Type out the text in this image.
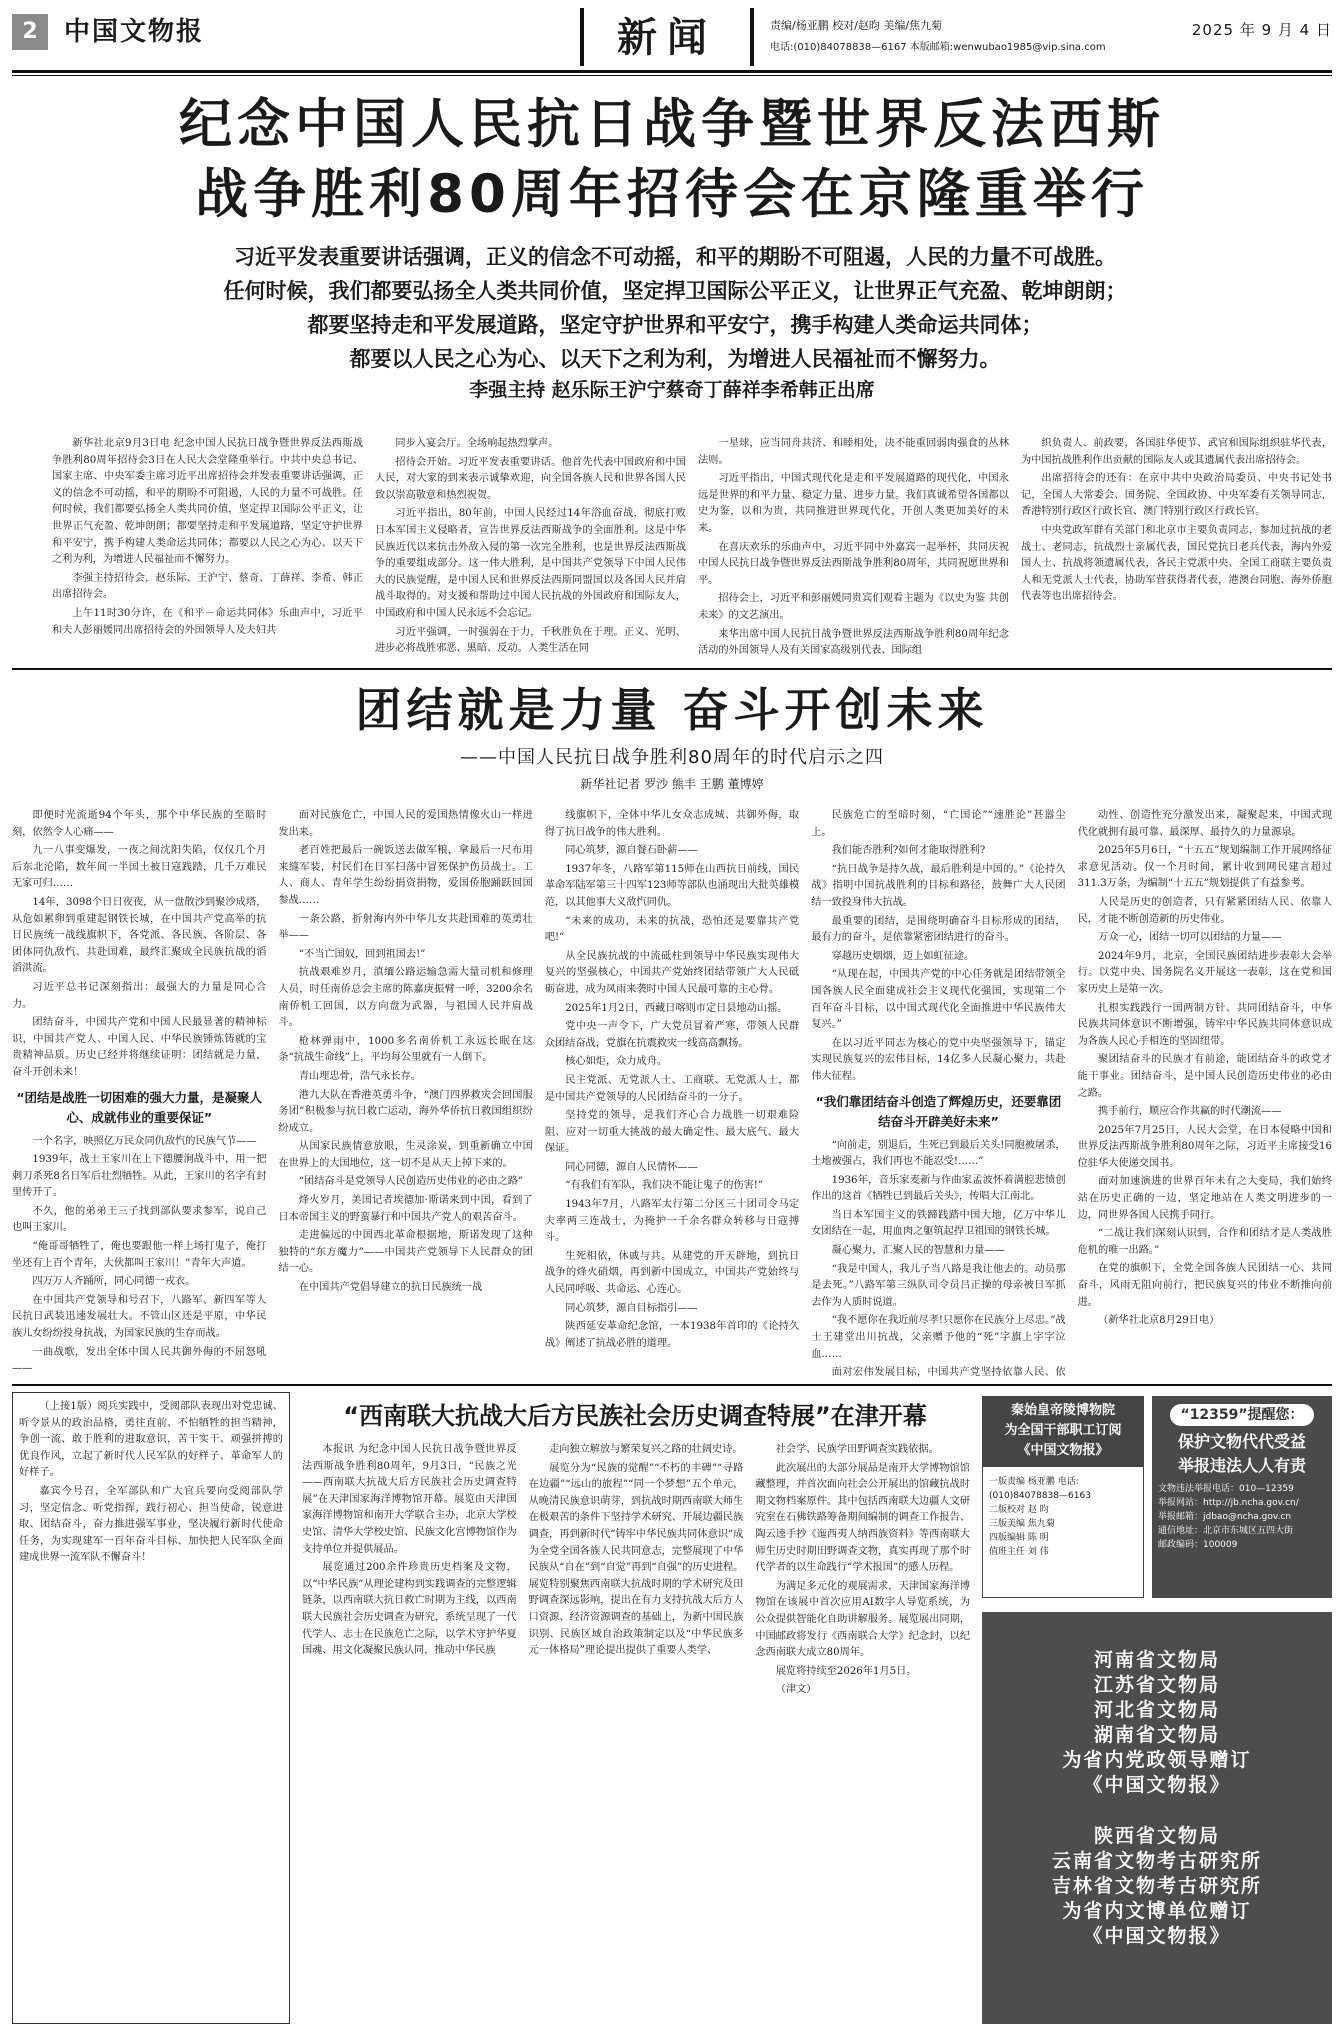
2	中国文物报	新闻	责编/杨亚鹏 校对/赵昀 美编/焦九菊
电话:(010)84078838—6167 本版邮箱:wenwubao1985@vip.sina.com
2025 年 9 月 4 日
纪念中国人民抗日战争暨世界反法西斯
战争胜利80周年招待会在京隆重举行
习近平发表重要讲话强调，正义的信念不可动摇，和平的期盼不可阻遏，人民的力量不可战胜。
任何时候，我们都要弘扬全人类共同价值，坚定捍卫国际公平正义，让世界正气充盈、乾坤朗朗；
都要坚持走和平发展道路，坚定守护世界和平安宁，携手构建人类命运共同体；
都要以人民之心为心、以天下之利为利，为增进人民福祉而不懈努力。
李强主持 赵乐际王沪宁蔡奇丁薛祥李希韩正出席

新华社北京9月3日电 纪念中国人民抗日战争暨世界反法西斯战争胜利80周年招待会3日在人民大会堂隆重举行。中共中央总书记、国家主席、中央军委主席习近平出席招待会并发表重要讲话强调，正义的信念不可动摇，和平的期盼不可阻遏，人民的力量不可战胜。任何时候，我们都要弘扬全人类共同价值，坚定捍卫国际公平正义，让世界正气充盈、乾坤朗朗；都要坚持走和平发展道路，坚定守护世界和平安宁，携手构建人类命运共同体；都要以人民之心为心、以天下之利为利，为增进人民福祉而不懈努力。

李强主持招待会，赵乐际、王沪宁、蔡奇、丁薛祥、李希、韩正出席招待会。

上午11时30分许，在《和平－命运共同体》乐曲声中，习近平和夫人彭丽媛同出席招待会的外国领导人及夫妇共

同步入宴会厅。全场响起热烈掌声。

招待会开始。习近平发表重要讲话。他首先代表中国政府和中国人民，对大家的到来表示诚挚欢迎，向全国各族人民和世界各国人民致以崇高敬意和热烈祝贺。

习近平指出，80年前，中国人民经过14年浴血奋战，彻底打败日本军国主义侵略者，宣告世界反法西斯战争的全面胜利。这是中华民族近代以来抗击外敌入侵的第一次完全胜利，也是世界反法西斯战争的重要组成部分。这一伟大胜利，是中国共产党领导下中国人民伟大的民族觉醒，是中国人民和世界反法西斯同盟国以及各国人民并肩战斗取得的。对支援和帮助过中国人民抗战的外国政府和国际友人，中国政府和中国人民永远不会忘记。

习近平强调，一时强弱在于力，千秋胜负在于理。正义、光明、进步必将战胜邪恶、黑暗、反动。人类生活在同

一星球，应当同舟共济、和睦相处，决不能重回弱肉强食的丛林法则。

习近平指出，中国式现代化是走和平发展道路的现代化，中国永远是世界的和平力量、稳定力量、进步力量。我们真诚希望各国都以史为鉴，以和为贵，共同推进世界现代化，开创人类更加美好的未来。

在喜庆欢乐的乐曲声中，习近平同中外嘉宾一起举杯，共同庆祝中国人民抗日战争暨世界反法西斯战争胜利80周年，共同祝愿世界和平。

招待会上，习近平和彭丽媛同贵宾们观看主题为《以史为鉴 共创未来》的文艺演出。

来华出席中国人民抗日战争暨世界反法西斯战争胜利80周年纪念活动的外国领导人及有关国家高级别代表、国际组

织负责人、前政要，各国驻华使节、武官和国际组织驻华代表，为中国抗战胜利作出贡献的国际友人或其遗属代表出席招待会。

出席招待会的还有：在京中共中央政治局委员、中央书记处书记，全国人大常委会、国务院、全国政协、中央军委有关领导同志，香港特别行政区行政长官、澳门特别行政区行政长官。

中央党政军群有关部门和北京市主要负责同志，参加过抗战的老战士、老同志，抗战烈士亲属代表，国民党抗日老兵代表，海内外爱国人士、抗战将领遗属代表，各民主党派中央、全国工商联主要负责人和无党派人士代表，协助军营获得者代表，港澳台同胞、海外侨胞代表等也出席招待会。

团结就是力量 奋斗开创未来
——中国人民抗日战争胜利80周年的时代启示之四
新华社记者 罗沙 熊丰 王鹏 董博婷

即便时光流逝94个年头，那个中华民族的至暗时刻，依然令人心痛——

九一八事变爆发，一夜之间沈阳失陷，仅仅几个月后东北沦陷，数年间一半国土被日寇践踏，几千万难民无家可归……

14年，3098个日日夜夜，从一盘散沙到聚沙成塔，从危如累卵到重建起钢铁长城，在中国共产党高举的抗日民族统一战线旗帜下，各党派、各民族、各阶层、各团体同仇敌忾、共赴国难，最终汇聚成全民族抗战的滔滔洪流。

习近平总书记深刻指出：最强大的力量是同心合力。

团结奋斗，中国共产党和中国人民最显著的精神标识，中国共产党人、中国人民、中华民族锤炼铸就的宝贵精神品质。历史已经并将继续证明：团结就是力量，奋斗开创未来！

“团结是战胜一切困难的强大力量，是凝聚人心、成就伟业的重要保证”

一个名字，映照亿万民众同仇敌忾的民族气节——

1939年，战士王家川在上下德腰涧战斗中，用一把刺刀杀死8名日军后壮烈牺牲。从此，王家川的名字有封里传开了。

不久，他的弟弟王三子找到部队要求参军，说自己也叫王家川。

“俺哥哥牺牲了，俺也要跟他一样上场打鬼子，俺打坐还有上百个青年，大伙都叫王家川！”青年大声道。

四万万人齐踊所，同心同德一戎衣。

在中国共产党领导和号召下，八路军、新四军等人民抗日武装迅速发展壮大。不管山区还是平原，中华民族儿女纷纷投身抗战，为国家民族的生存而战。

一曲战歌，发出全体中国人民共御外侮的不屈怒吼——

面对民族危亡，中国人民的爱国热情像火山一样迸发出来。

老百姓把最后一碗饭送去做军粮，拿最后一尺布用来缝军装，村民们在日军扫荡中冒死保护伤员战士。工人、商人、青年学生纷纷捐资捐物，爱国侨胞踊跃回国参战……

一条公路，折射海内外中华儿女共赴国难的英勇壮举——

“不当亡国奴，回到祖国去!”

抗战艰难岁月，滇缅公路运输急需大量司机和修理人员，时任南侨总会主席的陈嘉庚振臂一呼，3200余名南侨机工回国，以方向盘为武器，与祖国人民并肩战斗。

枪林弹雨中，1000多名南侨机工永远长眠在这条“抗战生命线”上，平均每公里就有一人倒下。

青山埋忠骨，浩气永长存。

港九大队在香港英勇斗争，“澳门四界救灾会回国服务团”积极参与抗日救亡运动，海外华侨抗日救国组织纷纷成立。

从国家民族情意放眼，生灵涂炭，到重新确立中国在世界上的大国地位，这一切不是从天上掉下来的。

“团结奋斗是党领导人民创造历史伟业的必由之路”

烽火岁月，美国记者埃德加·斯诺来到中国，看到了日本帝国主义的野蛮暴行和中国共产党人的艰苦奋斗。

走进偏远的中国西北革命根据地，斯诺发现了这种独特的“东方魔力”——中国共产党领导下人民群众的团结一心。

在中国共产党倡导建立的抗日民族统一战

线旗帜下，全体中华儿女众志成城、共御外侮，取得了抗日战争的伟大胜利。

同心筑梦，源自餐石卧薪——

1937年冬，八路军第115师在山西抗日前线，国民革命军陆军第三十四军123师等部队也涌现出大批英雄模范，以其他事大义敌忾同仇。

“未来的成功，未来的抗战，恐怕还是要靠共产党吧!”

从全民族抗战的中流砥柱到领导中华民族实现伟大复兴的坚强核心，中国共产党始终团结带领广大人民砥砺奋进，成为凤雨来袭时中国人民最可靠的主心骨。

2025年1月2日，西藏日喀则市定日县地动山摇。

党中央一声令下，广大党员冒着严寒，带领人民群众团结奋战，党旗在抗震救灾一线高高飘扬。

核心如炬，众力成舟。

民主党派、无党派人士、工商联、无党派人士，都是中国共产党领导的人民团结奋斗的一分子。

坚持党的领导，是我们齐心合力战胜一切艰难险阻、应对一切重大挑战的最大确定性、最大底气、最大保证。

同心同德，源自人民情怀——

“有我们有军队，我们决不能让鬼子的伤害!”

1943年7月，八路军太行第二分区三十团司令马定夫率两三连战士，为掩护一千余名群众转移与日寇搏斗。

生死相依，休戚与共。从建党的开天辟地，到抗日战争的烽火硝烟，再到新中国成立，中国共产党始终与人民同呼吸、共命运、心连心。

同心筑梦，源自目标指引——

陕西延安革命纪念馆，一本1938年首印的《论持久战》阐述了抗战必胜的道理。

民族危亡的至暗时刻，“亡国论”“速胜论”甚嚣尘上。

我们能否胜利?如何才能取得胜利?

“抗日战争是持久战，最后胜利是中国的。”《论持久战》指明中国抗战胜利的目标和路径，鼓舞广大人民团结一致投身伟大抗战。

最重要的团结，是围绕明确奋斗目标形成的团结，最有力的奋斗，是依靠紧密团结进行的奋斗。

穿越历史烟烟，迈上如虹征途。

“从现在起，中国共产党的中心任务就是团结带领全国各族人民全面建成社会主义现代化强国，实现第二个百年奋斗目标，以中国式现代化全面推进中华民族伟大复兴。”

在以习近平同志为核心的党中央坚强领导下，锚定实现民族复兴的宏伟目标，14亿多人民凝心聚力，共赴伟大征程。

“我们靠团结奋斗创造了辉煌历史，还要靠团结奋斗开辟美好未来”

“向前走，别退后，生死已到最后关头!同胞被屠杀，土地被强占，我们再也不能忍受!……”

1936年，音乐家麦新与作曲家孟波怀着满腔悲愤创作出的这首《牺牲已到最后关头》，传唱大江南北。

当日本军国主义的铁蹄践踏中国大地，亿万中华儿女团结在一起，用血肉之躯筑起捍卫祖国的钢铁长城。

凝心聚力，汇聚人民的智慧和力量——

“我是中国人，我儿子当八路是我让他去的。动员那是去死。”八路军第三纵队司令员吕正操的母亲被日军抓去作为人质时说道。

“我不愿你在我近前尽孝!只愿你在民族分上尽忠。”战士王建堂出川抗战，父亲赠予他的“死”字旗上字字泣血……

面对宏伟发展目标，中国共产党坚持依靠人民、依

动性、创造性充分激发出来，凝聚起来，中国式现代化就拥有最可靠、最深厚、最持久的力量源泉。

2025年5月6日，“十五五”规划编制工作开展网络征求意见活动。仅一个月时间，累计收到网民建言超过311.3万条，为编制“十五五”规划提供了有益参考。

人民是历史的创造者，只有紧紧团结人民、依靠人民，才能不断创造新的历史伟业。

万众一心，团结一切可以团结的力量——

2024年9月，北京，全国民族团结进步表彰大会举行。以党中央、国务院名义开展这一表彰，这在党和国家历史上是第一次。

扎根实践践行一国两制方针、共同团结奋斗，中华民族共同体意识不断增强，铸牢中华民族共同体意识成为各族人民心手相连的坚固纽带。

聚团结奋斗的民族才有前途，能团结奋斗的政党才能干事业。团结奋斗，是中国人民创造历史伟业的必由之路。

携手前行，顺应合作共赢的时代潮流——

2025年7月25日，人民大会堂，在日本侵略中国和世界反法西斯战争胜利80周年之际，习近平主席接受16位驻华大使递交国书。

面对加速演进的世界百年未有之大变局，我们始终站在历史正确的一边，坚定地站在人类文明进步的一边，同世界各国人民携手同行。

“二战让我们深刻认识到，合作和团结才是人类战胜危机的唯一出路。”

在党的旗帜下，全党全国各族人民团结一心、共同奋斗，风雨无阻向前行，把民族复兴的伟业不断推向前进。

（新华社北京8月29日电）

（上接1版）阅兵实践中，受阅部队表现出对党忠诚、听令景从的政治品格，勇往直前、不怕牺牲的担当精神，争创一流、敢于胜利的进取意识，苦干实干、顽强拼搏的优良作风，立起了新时代人民军队的好样子、革命军人的好样子。

嘉宾今号召，全军部队和广大官兵要向受阅部队学习，坚定信念、听党指挥，践行初心、担当使命，锐意进取、团结奋斗，奋力推进强军事业，坚决履行新时代使命任务，为实现建军一百年奋斗目标、加快把人民军队全面建成世界一流军队不懈奋斗！

“西南联大抗战大后方民族社会历史调查特展”在津开幕

本报讯 为纪念中国人民抗日战争暨世界反法西斯战争胜利80周年，9月3日，“民族之光——西南联大抗战大后方民族社会历史调查特展”在天津国家海洋博物馆开幕。展览由天津国家海洋博物馆和南开大学联合主办，北京大学校史馆、清华大学校史馆、民族文化宫博物馆作为支持单位并提供展品。

展览通过200余件珍贵历史档案及文物，以“中华民族”从理论建构到实践调查的完整逻辑链条，以西南联大抗日救亡时期为主线，以西南联大民族社会历史调查为研究，系统呈现了一代代学人、志士在民族危亡之际，以学术守护华夏国魂、用文化凝聚民族认同，推动中华民族

走向独立解放与繁荣复兴之路的壮阔史诗。

展览分为“民族的觉醒”“不朽的丰碑”“寻路在边疆”“远山的旅程”“同一个梦想”五个单元，从晚清民族意识萌芽，到抗战时期西南联大师生在极艰苦的条件下坚持学术研究、开展边疆民族调查，再到新时代“铸牢中华民族共同体意识”成为全党全国各族人民共同意志，完整展现了中华民族从“自在”到“自觉”再到“自强”的历史进程。展览特别聚焦西南联大抗战时期的学术研究及田野调查深远影响，提出在有力支持抗战大后方人口资源、经济资源调查的基础上，为新中国民族识别、民族区域自治政策制定以及“中华民族多元一体格局”理论提出提供了重要人类学、

社会学、民族学田野调查实践依据。

此次展出的大部分展品是南开大学博物馆馆藏整理，并首次面向社会公开展出的馆藏抗战时期文物档案原件。其中包括西南联大边疆人文研究室在石佛铁路筹备期间编制的调查工作报告、陶云逵手抄《迤西夷人纳西族资料》等西南联大师生历史时期田野调查文物，真实再现了那个时代学者的以生命践行“学术报国”的感人历程。

为满足多元化的观展需求，天津国家海洋博物馆在该展中首次应用AI数字人导览系统，为公众提供智能化自助讲解服务。展览展出同期，中国邮政将发行《西南联合大学》纪念封，以纪念西南联大成立80周年。

展览将持续至2026年1月5日。

（津文）

秦始皇帝陵博物院
为全国干部职工订阅
《中国文物报》
一版责编 杨亚鹏 电话:(010)84078838—6163
二版校对 赵 昀
三版美编 焦九菊
四版编辑 陈 明
值班主任 刘 伟
“12359”提醒您：
保护文物代代受益
举报违法人人有责
文物违法举报电话：010—12359
举报网站：http://jb.ncha.gov.cn/
举报邮箱：jdbao@ncha.gov.cn
通信地址：北京市东城区五四大街
邮政编码：100009
河南省文物局
江苏省文物局
河北省文物局
湖南省文物局
为省内党政领导赠订
《中国文物报》
陕西省文物局
云南省文物考古研究所
吉林省文物考古研究所
为省内文博单位赠订
《中国文物报》
